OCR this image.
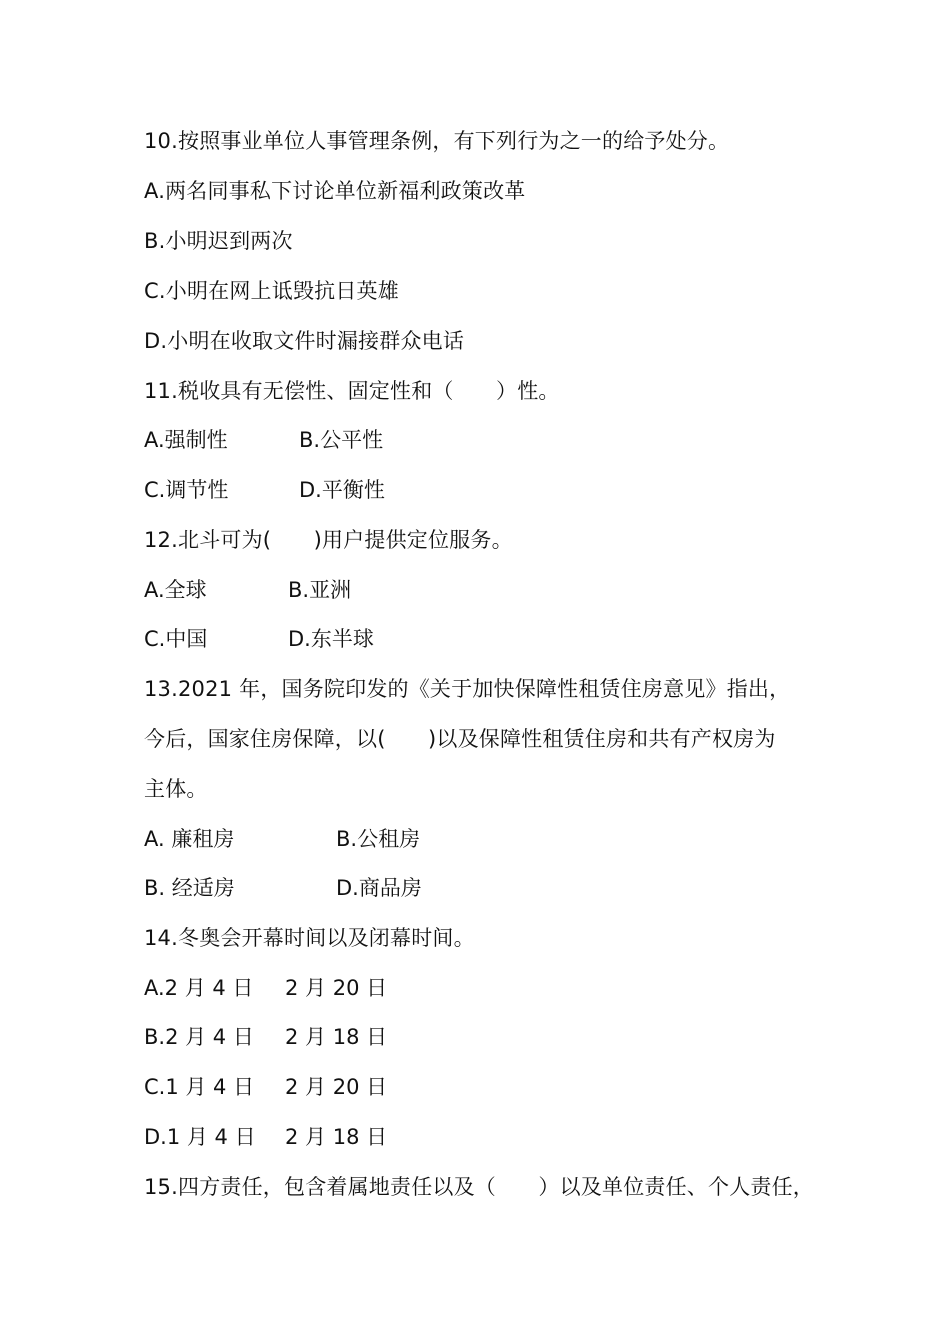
10.按照事业单位人事管理条例，有下列行为之一的给予处分。
A.两名同事私下讨论单位新福利政策改革
B.小明迟到两次
C.小明在网上诋毁抗日英雄
D.小明在收取文件时漏接群众电话
11.税收具有无偿性、固定性和（　　）性。
A.强制性	B.公平性
C.调节性	D.平衡性
12.北斗可为(　　)用户提供定位服务。
A.全球	B.亚洲
C.中国	D.东半球
13.2021 年，国务院印发的《关于加快保障性租赁住房意见》指出，
今后，国家住房保障，以(　　)以及保障性租赁住房和共有产权房为
主体。
A. 廉租房	B.公租房
B. 经适房	D.商品房
14.冬奥会开幕时间以及闭幕时间。
A.2 月 4 日 2 月 20 日
B.2 月 4 日 2 月 18 日
C.1 月 4 日 2 月 20 日
D.1 月 4 日 2 月 18 日
15.四方责任，包含着属地责任以及（　　）以及单位责任、个人责任，
